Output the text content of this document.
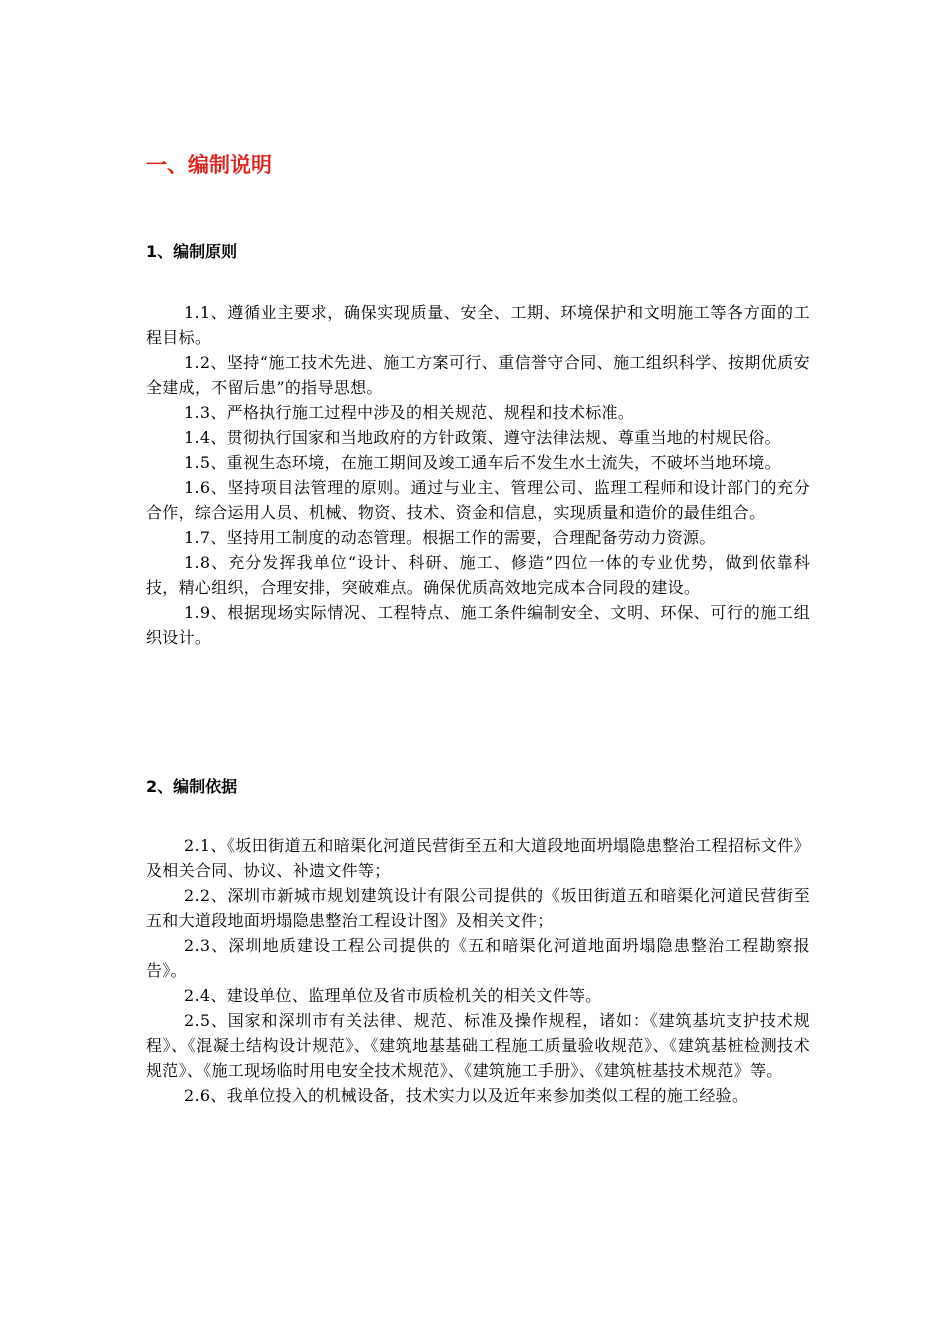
一、编制说明
1、编制原则

1.1、遵循业主要求，确保实现质量、安全、工期、环境保护和文明施工等各方面的工程目标。

1.2、坚持“施工技术先进、施工方案可行、重信誉守合同、施工组织科学、按期优质安全建成，不留后患”的指导思想。

1.3、严格执行施工过程中涉及的相关规范、规程和技术标准。

1.4、贯彻执行国家和当地政府的方针政策、遵守法律法规、尊重当地的村规民俗。

1.5、重视生态环境，在施工期间及竣工通车后不发生水土流失，不破坏当地环境。

1.6、坚持项目法管理的原则。通过与业主、管理公司、监理工程师和设计部门的充分合作，综合运用人员、机械、物资、技术、资金和信息，实现质量和造价的最佳组合。

1.7、坚持用工制度的动态管理。根据工作的需要，合理配备劳动力资源。

1.8、充分发挥我单位“设计、科研、施工、修造”四位一体的专业优势，做到依靠科技，精心组织，合理安排，突破难点。确保优质高效地完成本合同段的建设。

1.9、根据现场实际情况、工程特点、施工条件编制安全、文明、环保、可行的施工组织设计。

2、编制依据

2.1、《坂田街道五和暗渠化河道民营街至五和大道段地面坍塌隐患整治工程招标文件》及相关合同、协议、补遗文件等；

2.2、深圳市新城市规划建筑设计有限公司提供的《坂田街道五和暗渠化河道民营街至五和大道段地面坍塌隐患整治工程设计图》及相关文件；

2.3、深圳地质建设工程公司提供的《五和暗渠化河道地面坍塌隐患整治工程勘察报告》。

2.4、建设单位、监理单位及省市质检机关的相关文件等。

2.5、国家和深圳市有关法律、规范、标准及操作规程，诸如：《建筑基坑支护技术规程》、《混凝土结构设计规范》、《建筑地基基础工程施工质量验收规范》、《建筑基桩检测技术规范》、《施工现场临时用电安全技术规范》、《建筑施工手册》、《建筑桩基技术规范》等。

2.6、我单位投入的机械设备，技术实力以及近年来参加类似工程的施工经验。
